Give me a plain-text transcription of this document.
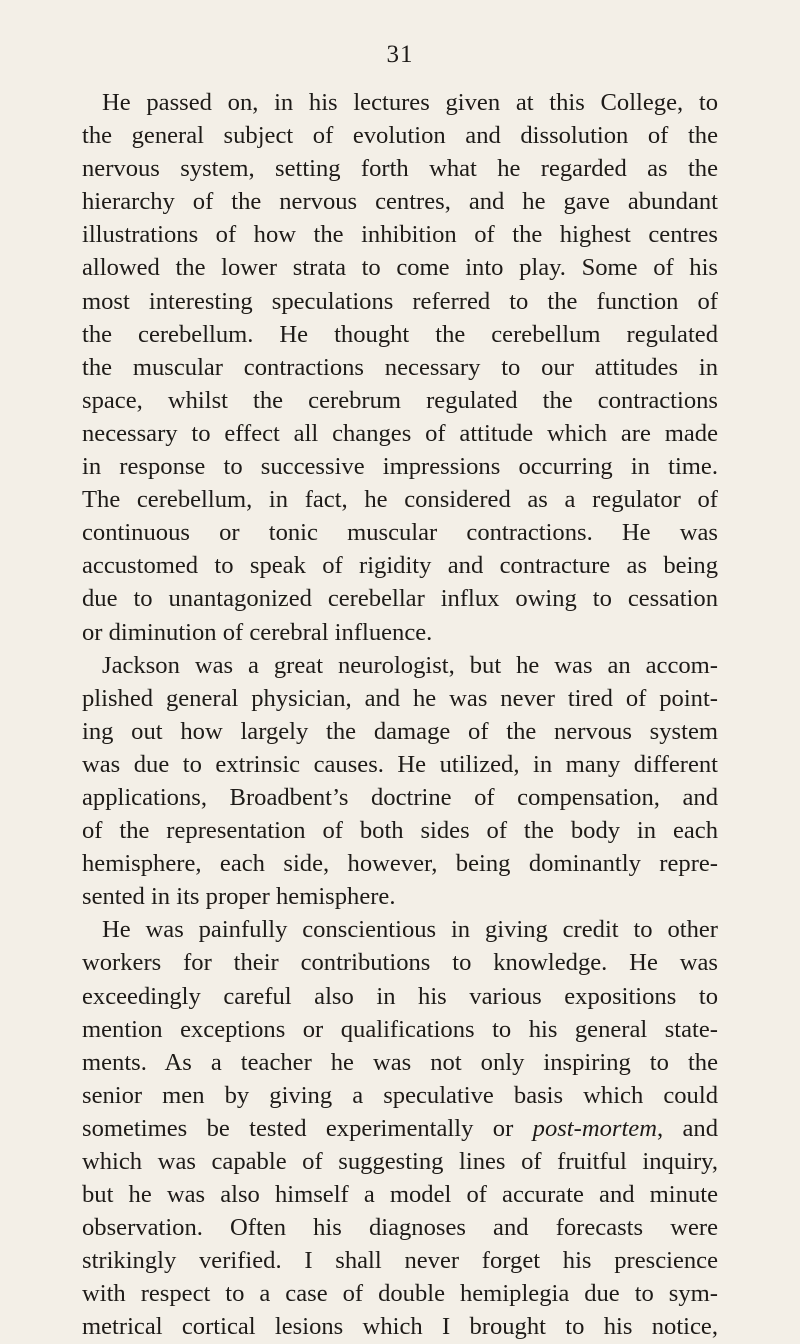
31
He passed on, in his lectures given at this College, to
the general subject of evolution and dissolution of the
nervous system, setting forth what he regarded as the
hierarchy of the nervous centres, and he gave abundant
illustrations of how the inhibition of the highest centres
allowed the lower strata to come into play. Some of his
most interesting speculations referred to the function of
the cerebellum. He thought the cerebellum regulated
the muscular contractions necessary to our attitudes in
space, whilst the cerebrum regulated the contractions
necessary to effect all changes of attitude which are made
in response to successive impressions occurring in time.
The cerebellum, in fact, he considered as a regulator of
continuous or tonic muscular contractions. He was
accustomed to speak of rigidity and contracture as being
due to unantagonized cerebellar influx owing to cessation
or diminution of cerebral influence.
Jackson was a great neurologist, but he was an accom-
plished general physician, and he was never tired of point-
ing out how largely the damage of the nervous system
was due to extrinsic causes. He utilized, in many different
applications, Broadbent’s doctrine of compensation, and
of the representation of both sides of the body in each
hemisphere, each side, however, being dominantly repre-
sented in its proper hemisphere.
He was painfully conscientious in giving credit to other
workers for their contributions to knowledge. He was
exceedingly careful also in his various expositions to
mention exceptions or qualifications to his general state-
ments. As a teacher he was not only inspiring to the
senior men by giving a speculative basis which could
sometimes be tested experimentally or post-mortem, and
which was capable of suggesting lines of fruitful inquiry,
but he was also himself a model of accurate and minute
observation. Often his diagnoses and forecasts were
strikingly verified. I shall never forget his prescience
with respect to a case of double hemiplegia due to sym-
metrical cortical lesions which I brought to his notice,
